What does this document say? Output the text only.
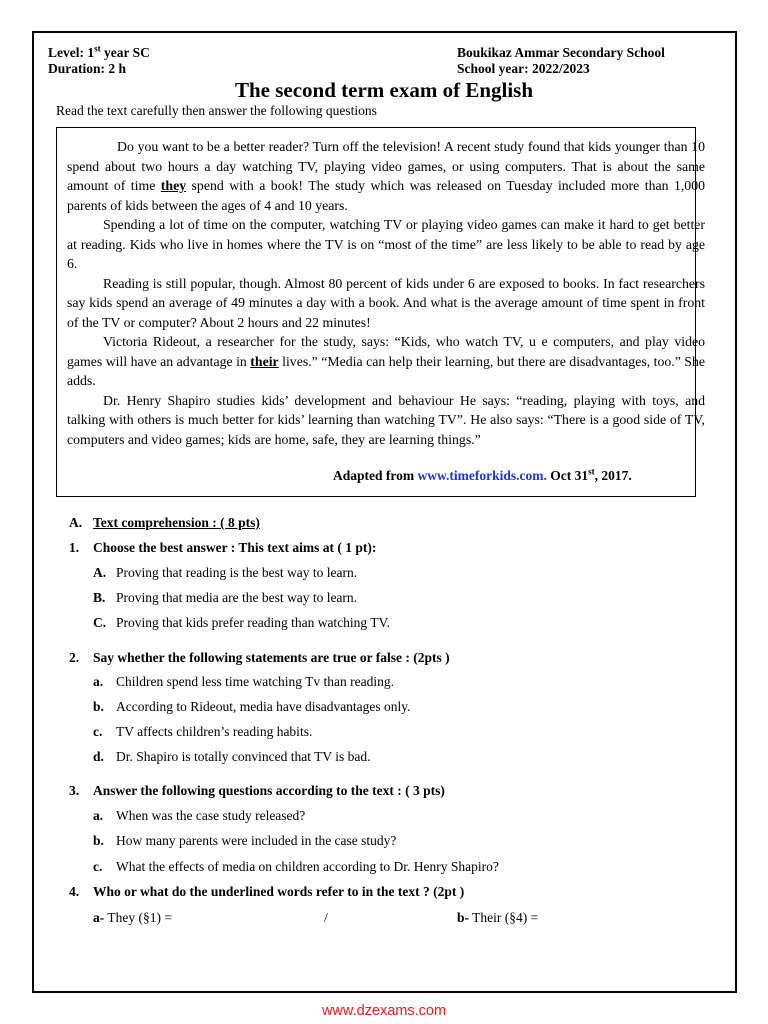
Level: 1st year SC
Duration: 2 h
Boukikaz Ammar Secondary School
School year: 2022/2023
The second term exam of English
Read the text carefully then answer the following questions

Do you want to be a better reader? Turn off the television! A recent study found that kids younger than 10 spend about two hours a day watching TV, playing video games, or using computers. That is about the same amount of time they spend with a book! The study which was released on Tuesday included more than 1,000 parents of kids between the ages of 4 and 10 years.

Spending a lot of time on the computer, watching TV or playing video games can make it hard to get better at reading. Kids who live in homes where the TV is on “most of the time” are less likely to be able to read by age 6.

Reading is still popular, though. Almost 80 percent of kids under 6 are exposed to books. In fact researchers say kids spend an average of 49 minutes a day with a book. And what is the average amount of time spent in front of the TV or computer? About 2 hours and 22 minutes!

Victoria Rideout, a researcher for the study, says: “Kids, who watch TV, u e computers, and play video games will have an advantage in their lives.” “Media can help their learning, but there are disadvantages, too.” She adds.

Dr. Henry Shapiro studies kids’ development and behaviour He says: “reading, playing with toys, and talking with others is much better for kids’ learning than watching TV”. He also says: “There is a good side of TV, computers and video games; kids are home, safe, they are learning things.”

Adapted from www.timeforkids.com. Oct 31st, 2017.
A. Text comprehension : ( 8 pts)
1. Choose the best answer : This text aims at ( 1 pt):
A. Proving that reading is the best way to learn.
B. Proving that media are the best way to learn.
C. Proving that kids prefer reading than watching TV.
2. Say whether the following statements are true or false : (2pts )
a. Children spend less time watching Tv than reading.
b. According to Rideout, media have disadvantages only.
c. TV affects children’s reading habits.
d. Dr. Shapiro is totally convinced that TV is bad.
3. Answer the following questions according to the text : ( 3 pts)
a. When was the case study released?
b. How many parents were included in the case study?
c. What the effects of media on children according to Dr. Henry Shapiro?
4. Who or what do the underlined words refer to in the text ? (2pt )
a- They (§1) =	/	b- Their (§4) =
www.dzexams.com
